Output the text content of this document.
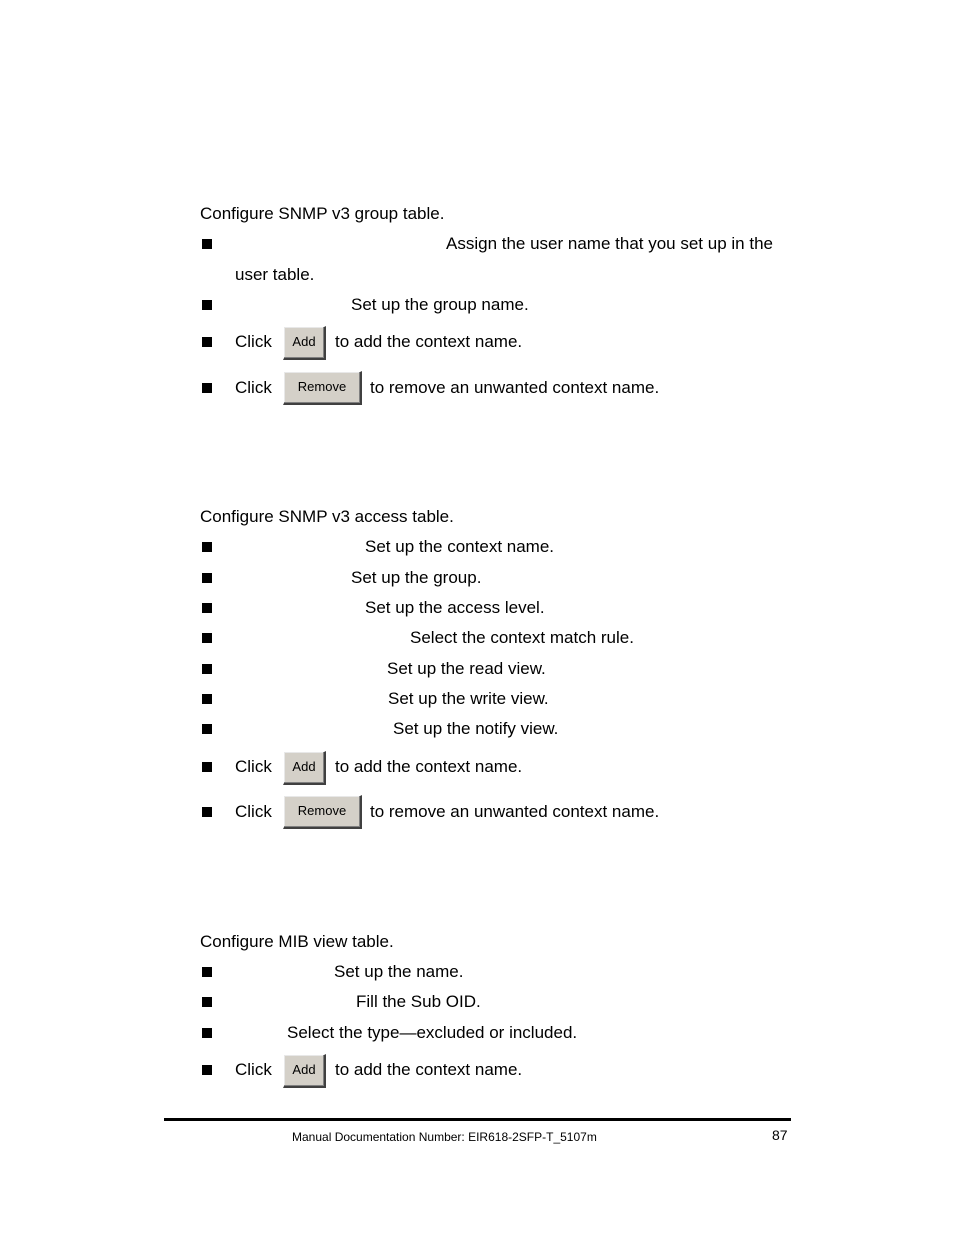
Configure SNMP v3 group table.
Assign the user name that you set up in the
user table.
Set up the group name.
Click	Add	to add the context name.
Click	Remove	to remove an unwanted context name.
Configure SNMP v3 access table.
Set up the context name.
Set up the group.
Set up the access level.
Select the context match rule.
Set up the read view.
Set up the write view.
Set up the notify view.
Click	Add	to add the context name.
Click	Remove	to remove an unwanted context name.
Configure MIB view table.
Set up the name.
Fill the Sub OID.
Select the type—excluded or included.
Click	Add	to add the context name.
Manual Documentation Number: EIR618-2SFP-T_5107m	87
